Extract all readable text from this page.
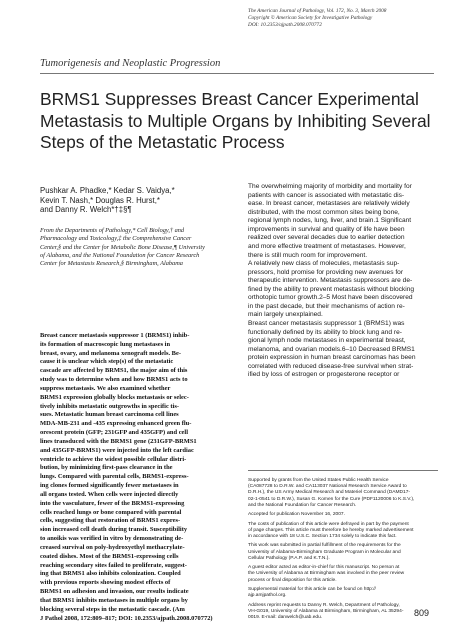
The American Journal of Pathology, Vol. 172, No. 3, March 2008
Copyright © American Society for Investigative Pathology
DOI: 10.2353/ajpath.2008.070772
Tumorigenesis and Neoplastic Progression
BRMS1 Suppresses Breast Cancer Experimental
Metastasis to Multiple Organs by Inhibiting Several
Steps of the Metastatic Process
Pushkar A. Phadke,* Kedar S. Vaidya,*
Kevin T. Nash,* Douglas R. Hurst,*
and Danny R. Welch*†‡§¶
From the Departments of Pathology,* Cell Biology,† and
Pharmacology and Toxicology,‡ the Comprehensive Cancer
Center,§ and the Center for Metabolic Bone Disease,¶ University
of Alabama, and the National Foundation for Cancer Research
Center for Metastasis Research,§ Birmingham, Alabama
Breast cancer metastasis suppressor 1 (BRMS1) inhib-
its formation of macroscopic lung metastases in
breast, ovary, and melanoma xenograft models. Be-
cause it is unclear which step(s) of the metastatic
cascade are affected by BRMS1, the major aim of this
study was to determine when and how BRMS1 acts to
suppress metastasis. We also examined whether
BRMS1 expression globally blocks metastasis or selec-
tively inhibits metastatic outgrowths in specific tis-
sues. Metastatic human breast carcinoma cell lines
MDA-MB-231 and -435 expressing enhanced green flu-
orescent protein (GFP; 231GFP and 435GFP) and cell
lines transduced with the BRMS1 gene (231GFP-BRMS1
and 435GFP-BRMS1) were injected into the left cardiac
ventricle to achieve the widest possible cellular distri-
bution, by minimizing first-pass clearance in the
lungs. Compared with parental cells, BRMS1-express-
ing clones formed significantly fewer metastases in
all organs tested. When cells were injected directly
into the vasculature, fewer of the BRMS1-expressing
cells reached lungs or bone compared with parental
cells, suggesting that restoration of BRMS1 expres-
sion increased cell death during transit. Susceptibility
to anoikis was verified in vitro by demonstrating de-
creased survival on poly-hydroxyethyl methacrylate-
coated dishes. Most of the BRMS1-expressing cells
reaching secondary sites failed to proliferate, suggest-
ing that BRMS1 also inhibits colonization. Coupled
with previous reports showing modest effects of
BRMS1 on adhesion and invasion, our results indicate
that BRMS1 inhibits metastases in multiple organs by
blocking several steps in the metastatic cascade. (Am
J Pathol 2008, 172:809–817; DOI: 10.2353/ajpath.2008.070772)
The overwhelming majority of morbidity and mortality for
patients with cancer is associated with metastatic dis-
ease. In breast cancer, metastases are relatively widely
distributed, with the most common sites being bone,
regional lymph nodes, lung, liver, and brain.1 Significant
improvements in survival and quality of life have been
realized over several decades due to earlier detection
and more effective treatment of metastases. However,
there is still much room for improvement.
A relatively new class of molecules, metastasis sup-
pressors, hold promise for providing new avenues for
therapeutic intervention. Metastasis suppressors are de-
fined by the ability to prevent metastasis without blocking
orthotopic tumor growth.2–5 Most have been discovered
in the past decade, but their mechanisms of action re-
main largely unexplained.
Breast cancer metastasis suppressor 1 (BRMS1) was
functionally defined by its ability to block lung and re-
gional lymph node metastases in experimental breast,
melanoma, and ovarian models.6–10 Decreased BRMS1
protein expression in human breast carcinomas has been
correlated with reduced disease-free survival when strat-
ified by loss of estrogen or progesterone receptor or
Supported by grants from the United States Public Health Service
(CA087728 to D.R.W. and CA113037 National Research Service Award to
D.R.H.), the US Army Medical Research and Materiel Command (DAMD17-
02-1-0541 to D.R.W.), Susan G. Komen for the Cure (PDF1120006 to K.S.V.),
and the National Foundation for Cancer Research.
Accepted for publication November 16, 2007.
The costs of publication of this article were defrayed in part by the payment
of page charges. This article must therefore be hereby marked advertisement
in accordance with 18 U.S.C. Section 1734 solely to indicate this fact.
This work was submitted in partial fulfillment of the requirements for the
University of Alabama-Birmingham Graduate Program in Molecular and
Cellular Pathology (P.A.P. and K.T.N.).
A guest editor acted as editor-in-chief for this manuscript. No person at
the University of Alabama at Birmingham was involved in the peer review
process or final disposition for this article.
Supplemental material for this article can be found on http://
ajp.amjpathol.org.
Address reprint requests to Danny R. Welch, Department of Pathology,
VH-G019, University of Alabama at Birmingham, Birmingham, AL 35294-
0019. E-mail: danwelch@uab.edu.	809
